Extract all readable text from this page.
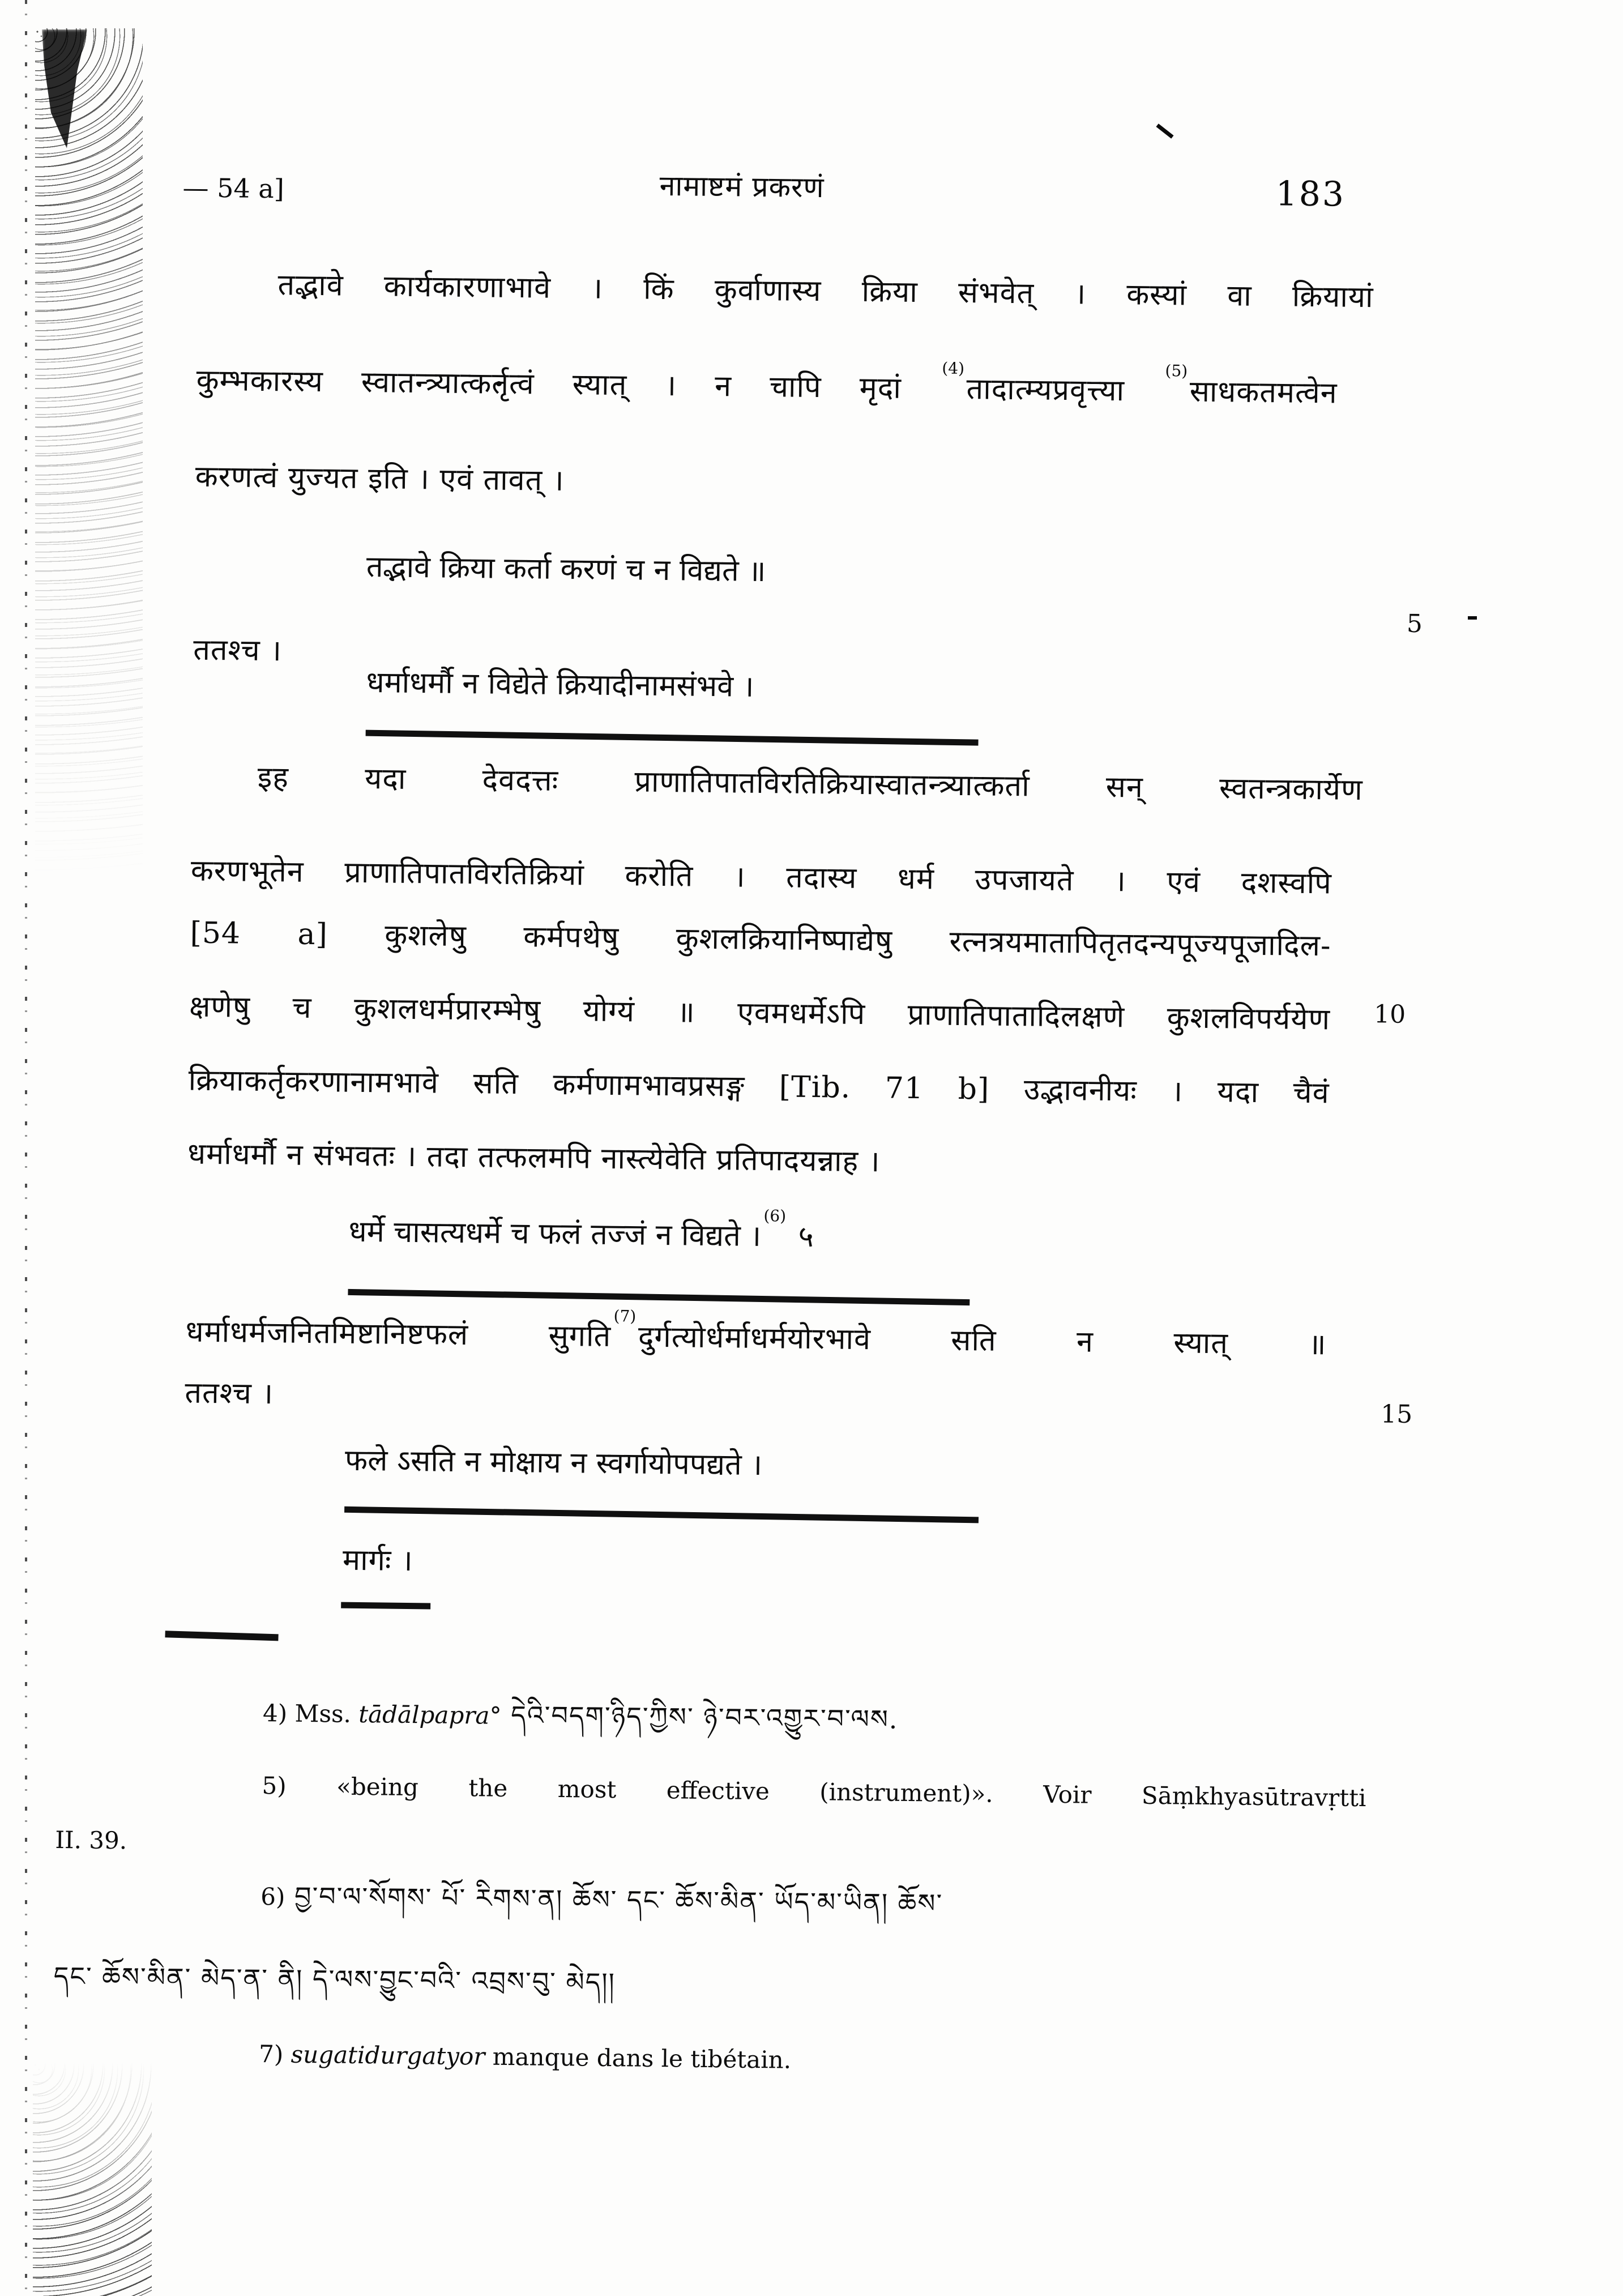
— 54 a]	नामाष्टमं प्रकरणं	183
5
10
15
तद्भावे कार्यकारणाभावे । किं कुर्वाणास्य क्रिया संभवेत् । कस्यां वा क्रियायां
कुम्भकारस्य स्वातन्त्र्यात्कर्तृत्वं स्यात् । न चापि मृदां $^{(4)}$तादात्म्यप्रवृत्त्या $^{(5)}$साधकतमत्वेन
करणत्वं युज्यत इति । एवं तावत् ।
तद्भावे क्रिया कर्ता करणं च न विद्यते ॥
ततश्च ।
धर्माधर्मौ न विद्येते क्रियादीनामसंभवे ।
इह यदा देवदत्तः प्राणातिपातविरतिक्रियास्वातन्त्र्यात्कर्ता सन् स्वतन्त्रकार्येण
करणभूतेन प्राणातिपातविरतिक्रियां करोति । तदास्य धर्म उपजायते । एवं दशस्वपि
[54 a] कुशलेषु कर्मपथेषु कुशलक्रियानिष्पाद्येषु रत्नत्रयमातापितृतदन्यपूज्यपूजादिल-
क्षणेषु च कुशलधर्मप्रारम्भेषु योग्यं ॥ एवमधर्मेऽपि प्राणातिपातादिलक्षणे कुशलविपर्ययेण
क्रियाकर्तृकरणानामभावे सति कर्मणामभावप्रसङ्ग [Tib. 71 b] उद्भावनीयः । यदा चैवं
धर्माधर्मौ न संभवतः । तदा तत्फलमपि नास्त्येवेति प्रतिपादयन्नाह ।
धर्मे चासत्यधर्मे च फलं तज्जं न विद्यते । $^{(6)}$५
धर्माधर्मजनितमिष्टानिष्टफलं सुगति $^{(7)}$दुर्गत्योर्धर्माधर्मयोरभावे सति न स्यात् ॥
ततश्च ।
फले ऽसति न मोक्षाय न स्वर्गायोपपद्यते ।
मार्गः ।
4) Mss. tādālpapra° དེའི་བདག་ཉིད་ཀྱིས་ ཉེ་བར་འགྱུར་བ་ལས.
5) «being the most effective (instrument)». Voir Sāṃkhyasūtravṛtti
II. 39.
6) བྱ་བ་ལ་སོགས་ པོ་ རིགས་ན། ཆོས་ དང་ ཆོས་མིན་ ཡོད་མ་ཡིན། ཆོས་
དང་ ཆོས་མིན་ མེད་ན་ ནི། དེ་ལས་བྱུང་བའི་ འབྲས་བུ་ མེད།།
7) sugatidurgatyor manque dans le tibétain.
